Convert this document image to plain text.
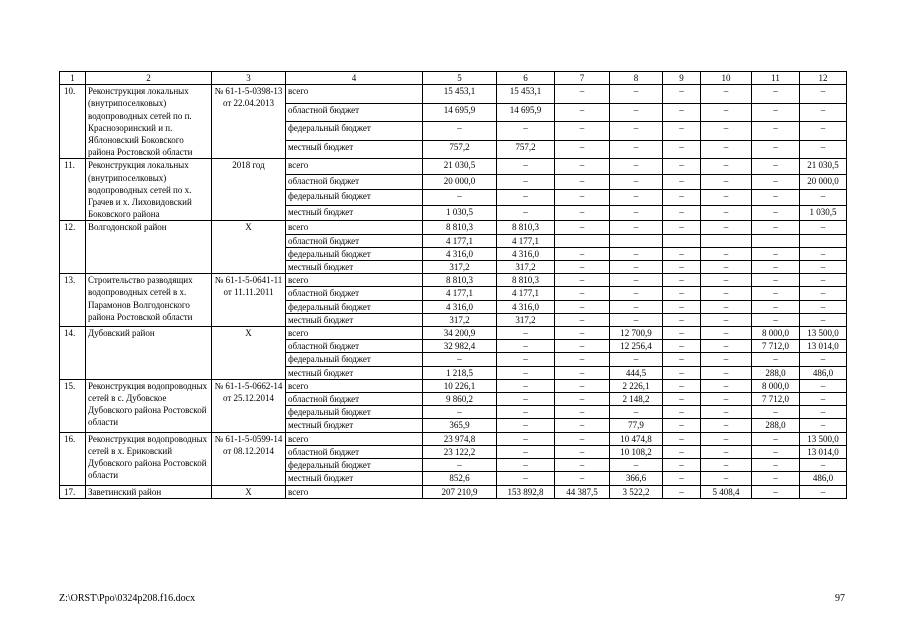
1	2	3	4	5	6	7	8	9	10	11	12
10.	Реконструкция локальных (внутрипоселковых) водопроводных сетей по п. Краснозоринский и п. Яблоновский Боковского района Ростовской области	№ 61-1-5-0398-13 от 22.04.2013	всего	15 453,1	15 453,1	–	–	–	–	–	–
			областной бюджет	14 695,9	14 695,9	–	–	–	–	–	–
			федеральный бюджет	–	–	–	–	–	–	–	–
			местный бюджет	757,2	757,2	–	–	–	–	–	–
11.	Реконструкция локальных (внутрипоселковых) водопроводных сетей по х. Грачев и х. Лиховидовский Боковского района	2018 год	всего	21 030,5	–	–	–	–	–	–	21 030,5
			областной бюджет	20 000,0	–	–	–	–	–	–	20 000,0
			федеральный бюджет	–	–	–	–	–	–	–	–
			местный бюджет	1 030,5	–	–	–	–	–	–	1 030,5
12.	Волгодонской район	Х	всего	8 810,3	8 810,3	–	–	–	–	–	–
			областной бюджет	4 177,1	4 177,1						
			федеральный бюджет	4 316,0	4 316,0	–	–	–	–	–	–
			местный бюджет	317,2	317,2	–	–	–	–	–	–
13.	Строительство разводящих водопроводных сетей в х. Парамонов Волгодонского района Ростовской области	№ 61-1-5-0641-11 от 11.11.2011	всего	8 810,3	8 810,3	–	–	–	–	–	–
			областной бюджет	4 177,1	4 177,1	–	–	–	–	–	–
			федеральный бюджет	4 316,0	4 316,0	–	–	–	–	–	–
			местный бюджет	317,2	317,2	–	–	–	–	–	–
14.	Дубовский район	Х	всего	34 200,9	–	–	12 700,9	–	–	8 000,0	13 500,0
			областной бюджет	32 982,4	–	–	12 256,4	–	–	7 712,0	13 014,0
			федеральный бюджет	–	–	–	–	–	–	–	–
			местный бюджет	1 218,5	–	–	444,5	–	–	288,0	486,0
15.	Реконструкция водопроводных сетей в с. Дубовское Дубовского района Ростовской области	№ 61-1-5-0662-14 от 25.12.2014	всего	10 226,1	–	–	2 226,1	–	–	8 000,0	–
			областной бюджет	9 860,2	–	–	2 148,2	–	–	7 712,0	–
			федеральный бюджет	–	–	–	–	–	–	–	–
			местный бюджет	365,9	–	–	77,9	–	–	288,0	–
16.	Реконструкция водопроводных сетей в х. Ериковский Дубовского района Ростовской области	№ 61-1-5-0599-14 от 08.12.2014	всего	23 974,8	–	–	10 474,8	–	–	–	13 500,0
			областной бюджет	23 122,2	–	–	10 108,2	–	–	–	13 014,0
			федеральный бюджет	–	–	–	–	–	–	–	–
			местный бюджет	852,6	–	–	366,6	–	–	–	486,0
17.	Заветинский район	Х	всего	207 210,9	153 892,8	44 387,5	3 522,2	–	5 408,4	–	–
Z:\ORST\Ppo\0324p208.f16.docx	97
